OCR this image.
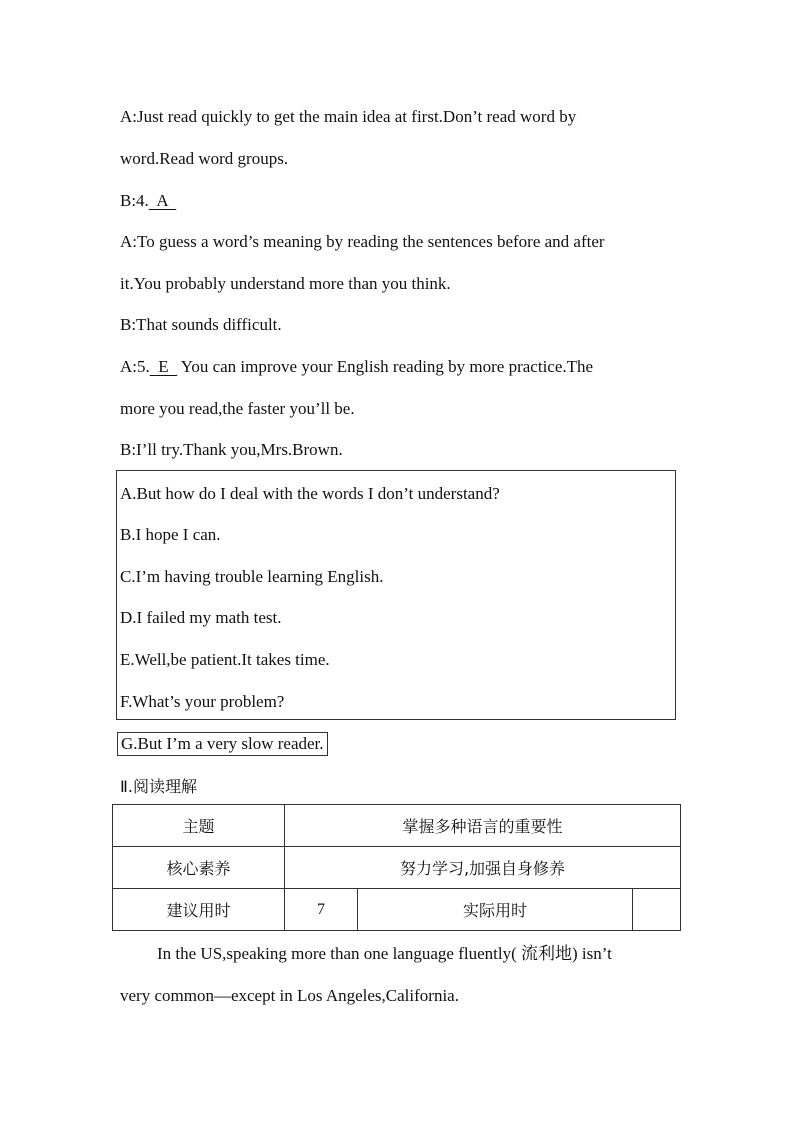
A:Just read quickly to get the main idea at first.Don’t read word by
word.Read word groups.
B:4.  A
A:To guess a word’s meaning by reading the sentences before and after
it.You probably understand more than you think.
B:That sounds difficult.
A:5.  E   You can improve your English reading by more practice.The
more you read,the faster you’ll be.
B:I’ll try.Thank you,Mrs.Brown.
A.But how do I deal with the words I don’t understand?
B.I hope I can.
C.I’m having trouble learning English.
D.I failed my math test.
E.Well,be patient.It takes time.
F.What’s your problem?
G.But I’m a very slow reader.
Ⅱ.阅读理解
主题	掌握多种语言的重要性		
核心素养	努力学习,加强自身修养		
建议用时	7	实际用时	
In the US,speaking more than one language fluently( 流利地) isn’t
very common—except in Los Angeles,California.
